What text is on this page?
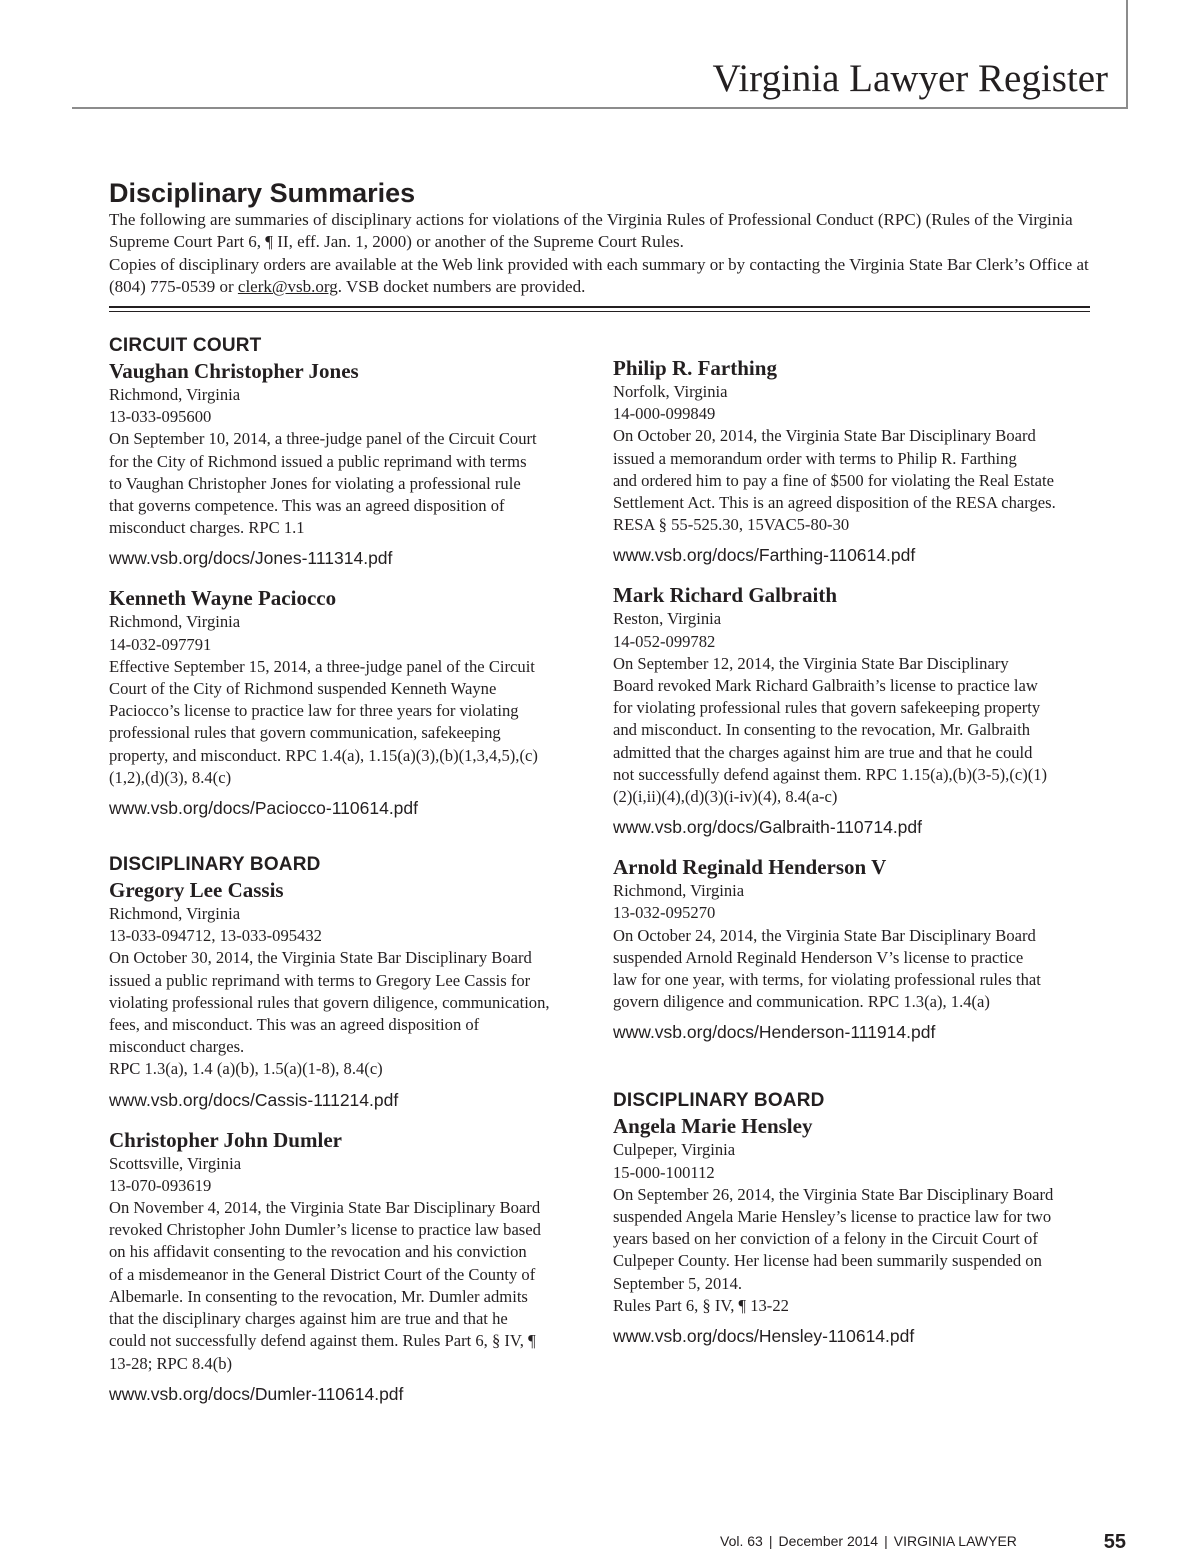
Virginia Lawyer Register
Disciplinary Summaries

The following are summaries of disciplinary actions for violations of the Virginia Rules of Professional Conduct (RPC) (Rules of the Virginia Supreme Court Part 6, ¶ II, eff. Jan. 1, 2000) or another of the Supreme Court Rules.

Copies of disciplinary orders are available at the Web link provided with each summary or by contacting the Virginia State Bar Clerk’s Office at (804) 775-0539 or clerk@vsb.org. VSB docket numbers are provided.

CIRCUIT COURT
Vaughan Christopher Jones
Richmond, Virginia
13-033-095600
On September 10, 2014, a three-judge panel of the Circuit Court
for the City of Richmond issued a public reprimand with terms
to Vaughan Christopher Jones for violating a professional rule
that governs competence. This was an agreed disposition of
misconduct charges. RPC 1.1
www.vsb.org/docs/Jones-111314.pdf
Kenneth Wayne Paciocco
Richmond, Virginia
14-032-097791
Effective September 15, 2014, a three-judge panel of the Circuit
Court of the City of Richmond suspended Kenneth Wayne
Paciocco’s license to practice law for three years for violating
professional rules that govern communication, safekeeping
property, and misconduct. RPC 1.4(a), 1.15(a)(3),(b)(1,3,4,5),(c)
(1,2),(d)(3), 8.4(c)
www.vsb.org/docs/Paciocco-110614.pdf
DISCIPLINARY BOARD
Gregory Lee Cassis
Richmond, Virginia
13-033-094712, 13-033-095432
On October 30, 2014, the Virginia State Bar Disciplinary Board
issued a public reprimand with terms to Gregory Lee Cassis for
violating professional rules that govern diligence, communication,
fees, and misconduct. This was an agreed disposition of
misconduct charges.
RPC 1.3(a), 1.4 (a)(b), 1.5(a)(1-8), 8.4(c)
www.vsb.org/docs/Cassis-111214.pdf
Christopher John Dumler
Scottsville, Virginia
13-070-093619
On November 4, 2014, the Virginia State Bar Disciplinary Board
revoked Christopher John Dumler’s license to practice law based
on his affidavit consenting to the revocation and his conviction
of a misdemeanor in the General District Court of the County of
Albemarle. In consenting to the revocation, Mr. Dumler admits
that the disciplinary charges against him are true and that he
could not successfully defend against them. Rules Part 6, § IV, ¶
13-28; RPC 8.4(b)
www.vsb.org/docs/Dumler-110614.pdf
Philip R. Farthing
Norfolk, Virginia
14-000-099849
On October 20, 2014, the Virginia State Bar Disciplinary Board
issued a memorandum order with terms to Philip R. Farthing
and ordered him to pay a fine of $500 for violating the Real Estate
Settlement Act. This is an agreed disposition of the RESA charges.
RESA § 55-525.30, 15VAC5-80-30
www.vsb.org/docs/Farthing-110614.pdf
Mark Richard Galbraith
Reston, Virginia
14-052-099782
On September 12, 2014, the Virginia State Bar Disciplinary
Board revoked Mark Richard Galbraith’s license to practice law
for violating professional rules that govern safekeeping property
and misconduct. In consenting to the revocation, Mr. Galbraith
admitted that the charges against him are true and that he could
not successfully defend against them. RPC 1.15(a),(b)(3-5),(c)(1)
(2)(i,ii)(4),(d)(3)(i-iv)(4), 8.4(a-c)
www.vsb.org/docs/Galbraith-110714.pdf
Arnold Reginald Henderson V
Richmond, Virginia
13-032-095270
On October 24, 2014, the Virginia State Bar Disciplinary Board
suspended Arnold Reginald Henderson V’s license to practice
law for one year, with terms, for violating professional rules that
govern diligence and communication. RPC 1.3(a), 1.4(a)
www.vsb.org/docs/Henderson-111914.pdf
DISCIPLINARY BOARD
Angela Marie Hensley
Culpeper, Virginia
15-000-100112
On September 26, 2014, the Virginia State Bar Disciplinary Board
suspended Angela Marie Hensley’s license to practice law for two
years based on her conviction of a felony in the Circuit Court of
Culpeper County. Her license had been summarily suspended on
September 5, 2014.
Rules Part 6, § IV, ¶ 13-22
www.vsb.org/docs/Hensley-110614.pdf
Vol. 63 | December 2014 | VIRGINIA LAWYER	55
